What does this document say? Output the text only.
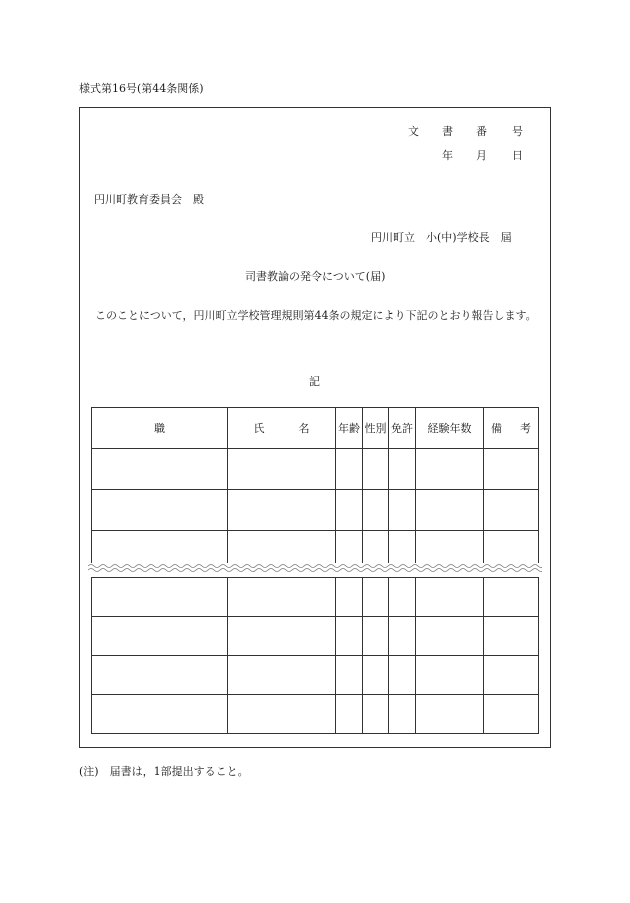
様式第16号(第44条関係)
文 書 番 号
年 月 日
円川町教育委員会　殿
円川町立　小(中)学校長　屆
司書教論の発令について(届)
このことについて，円川町立学校管理規則第44条の規定により下記のとおり報告します。
記
職	氏 名	年齢	性別	免許	経験年数	備 考

(注)　届書は，1部提出すること。
